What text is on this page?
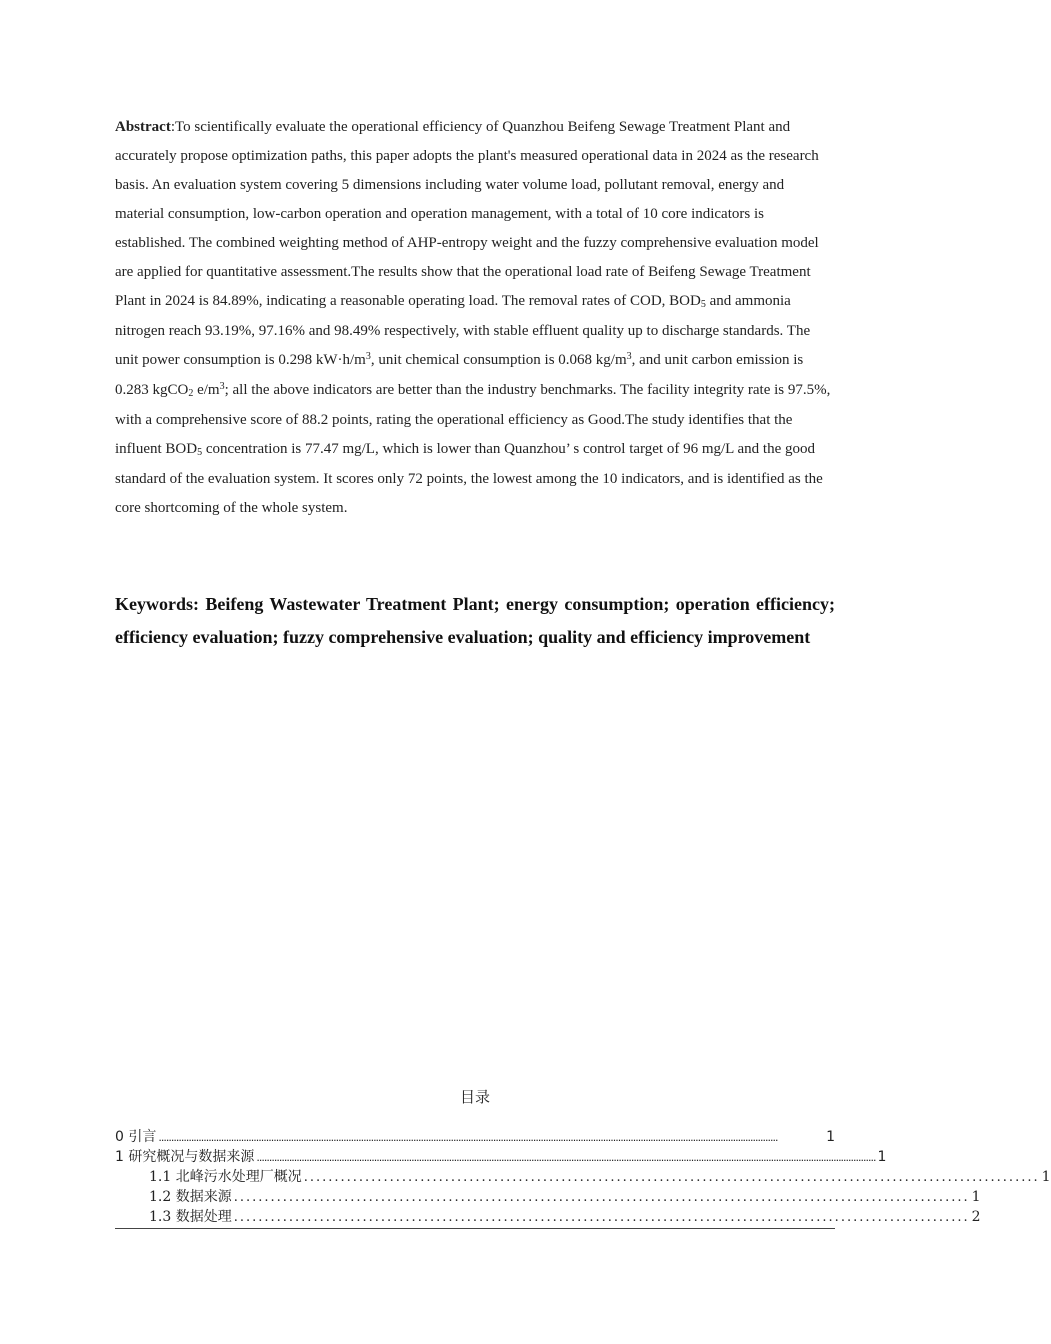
Abstract:To scientifically evaluate the operational efficiency of Quanzhou Beifeng Sewage Treatment Plant and accurately propose optimization paths, this paper adopts the plant's measured operational data in 2024 as the research basis. An evaluation system covering 5 dimensions including water volume load, pollutant removal, energy and material consumption, low-carbon operation and operation management, with a total of 10 core indicators is established. The combined weighting method of AHP-entropy weight and the fuzzy comprehensive evaluation model are applied for quantitative assessment.The results show that the operational load rate of Beifeng Sewage Treatment Plant in 2024 is 84.89%, indicating a reasonable operating load. The removal rates of COD, BOD5 and ammonia nitrogen reach 93.19%, 97.16% and 98.49% respectively, with stable effluent quality up to discharge standards. The unit power consumption is 0.298 $kW\cdot h/m^3$, unit chemical consumption is 0.068 $kg/m^3$, and unit carbon emission is 0.283 kgCO2 $e/m^3$; all the above indicators are better than the industry benchmarks. The facility integrity rate is 97.5%, with a comprehensive score of 88.2 points, rating the operational efficiency as Good.The study identifies that the influent BOD5 concentration is 77.47 mg/L, which is lower than Quanzhou’ s control target of 96 mg/L and the good standard of the evaluation system. It scores only 72 points, the lowest among the 10 indicators, and is identified as the core shortcoming of the whole system.
Keywords: Beifeng Wastewater Treatment Plant; energy consumption; operation efficiency; efficiency evaluation; fuzzy comprehensive evaluation; quality and efficiency improvement
目录
0 引言 ........................................................................................................................................................................................................................................................	1
1 研究概况与数据来源 ........................................................................................................................................................................................................................................................ 1
1.1 北峰污水处理厂概况 ........................................................................................................................ 1
1.2 数据来源 ........................................................................................................................ 1
1.3 数据处理 ........................................................................................................................ 2
